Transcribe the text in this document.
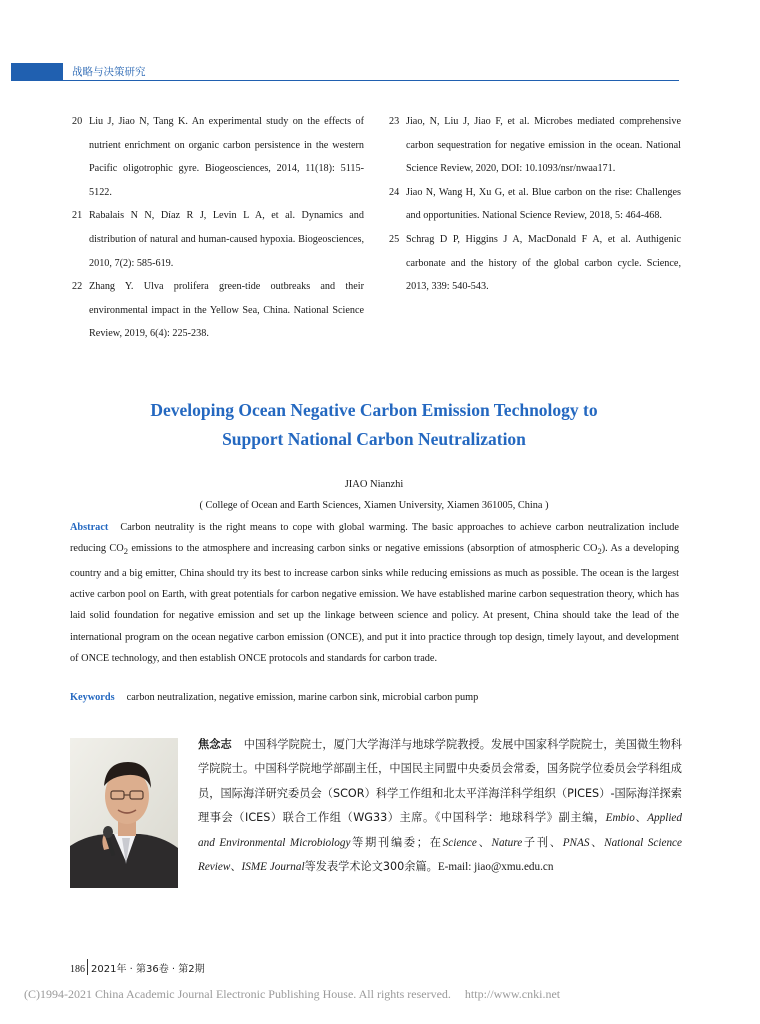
战略与决策研究
20 Liu J, Jiao N, Tang K. An experimental study on the effects of nutrient enrichment on organic carbon persistence in the western Pacific oligotrophic gyre. Biogeosciences, 2014, 11(18): 5115-5122.
21 Rabalais N N, Díaz R J, Levin L A, et al. Dynamics and distribution of natural and human-caused hypoxia. Biogeosciences, 2010, 7(2): 585-619.
22 Zhang Y. Ulva prolifera green-tide outbreaks and their environmental impact in the Yellow Sea, China. National Science Review, 2019, 6(4): 225-238.
23 Jiao, N, Liu J, Jiao F, et al. Microbes mediated comprehensive carbon sequestration for negative emission in the ocean. National Science Review, 2020, DOI: 10.1093/nsr/nwaa171.
24 Jiao N, Wang H, Xu G, et al. Blue carbon on the rise: Challenges and opportunities. National Science Review, 2018, 5: 464-468.
25 Schrag D P, Higgins J A, MacDonald F A, et al. Authigenic carbonate and the history of the global carbon cycle. Science, 2013, 339: 540-543.
Developing Ocean Negative Carbon Emission Technology to
Support National Carbon Neutralization
JIAO Nianzhi
( College of Ocean and Earth Sciences, Xiamen University, Xiamen 361005, China )
Abstract Carbon neutrality is the right means to cope with global warming. The basic approaches to achieve carbon neutralization include reducing $CO_2$ emissions to the atmosphere and increasing carbon sinks or negative emissions (absorption of atmospheric $CO_2$). As a developing country and a big emitter, China should try its best to increase carbon sinks while reducing emissions as much as possible. The ocean is the largest active carbon pool on Earth, with great potentials for carbon negative emission. We have established marine carbon sequestration theory, which has laid solid foundation for negative emission and set up the linkage between science and policy. At present, China should take the lead of the international program on the ocean negative carbon emission (ONCE), and put it into practice through top design, timely layout, and development of ONCE technology, and then establish ONCE protocols and standards for carbon trade.
Keywords carbon neutralization, negative emission, marine carbon sink, microbial carbon pump
焦念志 中国科学院院士，厦门大学海洋与地球学院教授。发展中国家科学院院士，美国微生物科学院院士。中国科学院地学部副主任，中国民主同盟中央委员会常委，国务院学位委员会学科组成员，国际海洋研究委员会（SCOR）科学工作组和北太平洋海洋科学组织（PICES）-国际海洋探索理事会（ICES）联合工作组（WG33）主席。《中国科学：地球科学》副主编，Embio、Applied and Environmental Microbiology等期刊编委；在Science、Nature子刊、PNAS、National Science Review、ISME Journal等发表学术论文300余篇。E-mail: jiao@xmu.edu.cn
186 2021年 · 第36卷 · 第2期
(C)1994-2021 China Academic Journal Electronic Publishing House. All rights reserved. http://www.cnki.net
